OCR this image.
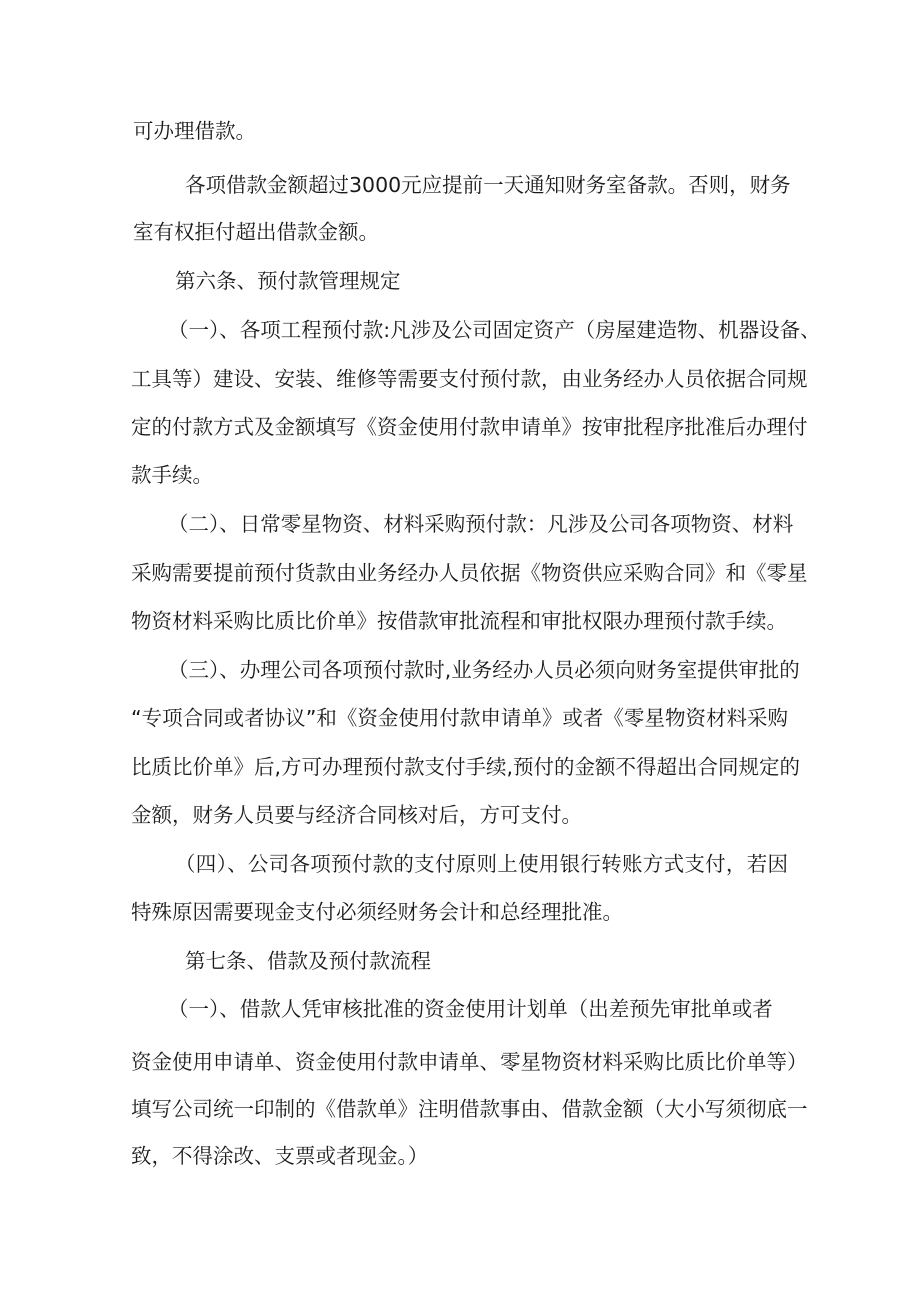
可办理借款。
各项借款金额超过3000元应提前一天通知财务室备款。否则，财务
室有权拒付超出借款金额。
第六条、预付款管理规定
（一）、各项工程预付款:凡涉及公司固定资产（房屋建造物、机器设备、
工具等）建设、安装、维修等需要支付预付款，由业务经办人员依据合同规
定的付款方式及金额填写《资金使用付款申请单》按审批程序批准后办理付
款手续。
（二）、日常零星物资、材料采购预付款：凡涉及公司各项物资、材料
采购需要提前预付货款由业务经办人员依据《物资供应采购合同》和《零星
物资材料采购比质比价单》按借款审批流程和审批权限办理预付款手续。
（三）、办理公司各项预付款时,业务经办人员必须向财务室提供审批的
“专项合同或者协议”和《资金使用付款申请单》或者《零星物资材料采购
比质比价单》后,方可办理预付款支付手续,预付的金额不得超出合同规定的
金额，财务人员要与经济合同核对后，方可支付。
（四）、公司各项预付款的支付原则上使用银行转账方式支付，若因
特殊原因需要现金支付必须经财务会计和总经理批准。
第七条、借款及预付款流程
（一）、借款人凭审核批准的资金使用计划单（出差预先审批单或者
资金使用申请单、资金使用付款申请单、零星物资材料采购比质比价单等）
填写公司统一印制的《借款单》注明借款事由、借款金额（大小写须彻底一
致，不得涂改、支票或者现金。）
